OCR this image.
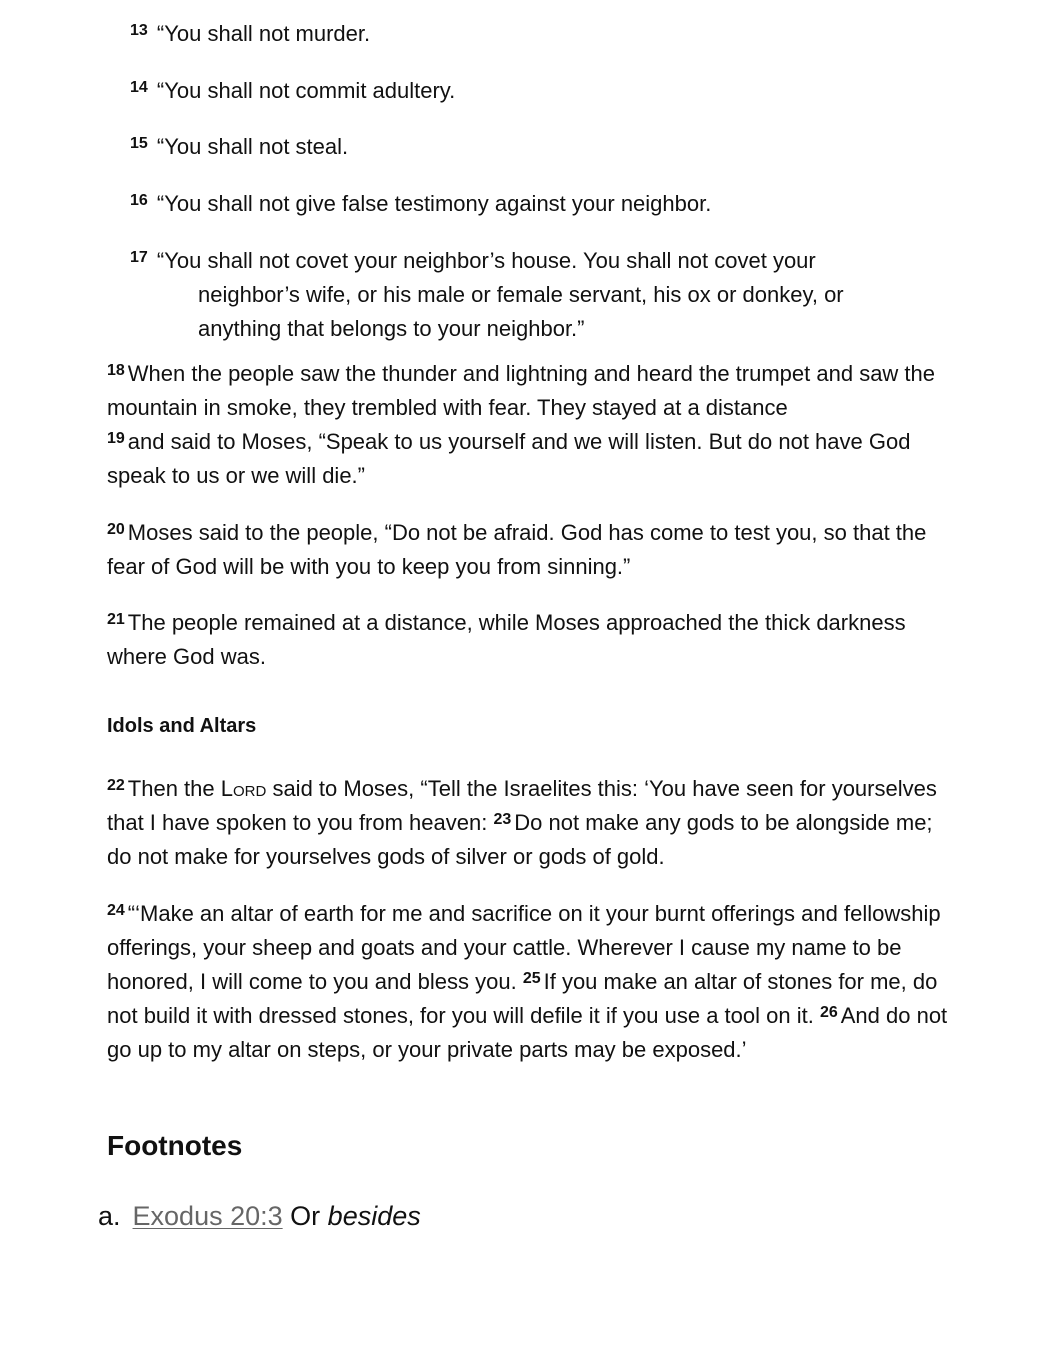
$^{13}$ “You shall not murder.
$^{14}$ “You shall not commit adultery.
$^{15}$ “You shall not steal.
$^{16}$ “You shall not give false testimony against your neighbor.
$^{17}$ “You shall not covet your neighbor’s house. You shall not covet your
neighbor’s wife, or his male or female servant, his ox or donkey, or
anything that belongs to your neighbor.”
$^{18}$ When the people saw the thunder and lightning and heard the trumpet and saw the mountain in smoke, they trembled with fear. They stayed at a distance
$^{19}$ and said to Moses, “Speak to us yourself and we will listen. But do not have God speak to us or we will die.”
$^{20}$ Moses said to the people, “Do not be afraid. God has come to test you, so that the fear of God will be with you to keep you from sinning.”
$^{21}$ The people remained at a distance, while Moses approached the thick darkness where God was.
Idols and Altars
$^{22}$ Then the Lord said to Moses, “Tell the Israelites this: ‘You have seen for yourselves that I have spoken to you from heaven: $^{23}$ Do not make any gods to be alongside me; do not make for yourselves gods of silver or gods of gold.
$^{24}$ “‘Make an altar of earth for me and sacrifice on it your burnt offerings and fellowship offerings, your sheep and goats and your cattle. Wherever I cause my name to be honored, I will come to you and bless you. $^{25}$ If you make an altar of stones for me, do not build it with dressed stones, for you will defile it if you use a tool on it. $^{26}$ And do not go up to my altar on steps, or your private parts may be exposed.’
Footnotes
a. Exodus 20:3 Or besides
